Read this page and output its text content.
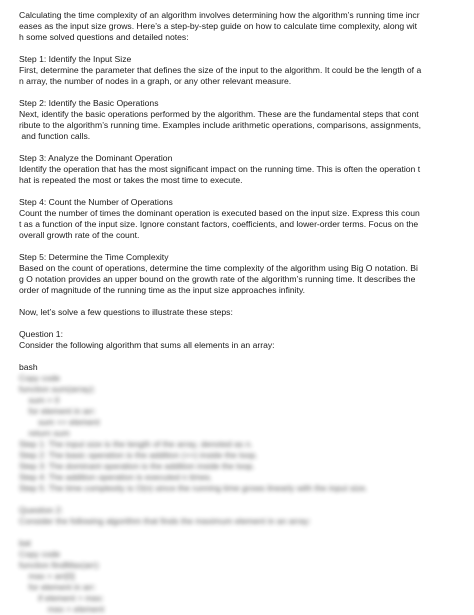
Calculating the time complexity of an algorithm involves determining how the algorithm’s running time incr
eases as the input size grows. Here’s a step-by-step guide on how to calculate time complexity, along wit
h some solved questions and detailed notes:
Step 1: Identify the Input Size
First, determine the parameter that defines the size of the input to the algorithm. It could be the length of a
n array, the number of nodes in a graph, or any other relevant measure.
Step 2: Identify the Basic Operations
Next, identify the basic operations performed by the algorithm. These are the fundamental steps that cont
ribute to the algorithm’s running time. Examples include arithmetic operations, comparisons, assignments,
and function calls.
Step 3: Analyze the Dominant Operation
Identify the operation that has the most significant impact on the running time. This is often the operation t
hat is repeated the most or takes the most time to execute.
Step 4: Count the Number of Operations
Count the number of times the dominant operation is executed based on the input size. Express this coun
t as a function of the input size. Ignore constant factors, coefficients, and lower-order terms. Focus on the
overall growth rate of the count.
Step 5: Determine the Time Complexity
Based on the count of operations, determine the time complexity of the algorithm using Big O notation. Bi
g O notation provides an upper bound on the growth rate of the algorithm’s running time. It describes the
order of magnitude of the running time as the input size approaches infinity.
Now, let’s solve a few questions to illustrate these steps:
Question 1:
Consider the following algorithm that sums all elements in an array:
bash
Copy code
function sum(array):
sum = 0
for element in arr:
sum += element
return sum
Step 1: The input size is the length of the array, denoted as n.
Step 2: The basic operation is the addition (+=) inside the loop.
Step 3: The dominant operation is the addition inside the loop.
Step 4: The addition operation is executed n times.
Step 5: The time complexity is O(n) since the running time grows linearly with the input size.
Question 2:
Consider the following algorithm that finds the maximum element in an array:
bat
Copy code
function findMax(arr):
max = arr[0]
for element in arr:
if element > max:
max = element
